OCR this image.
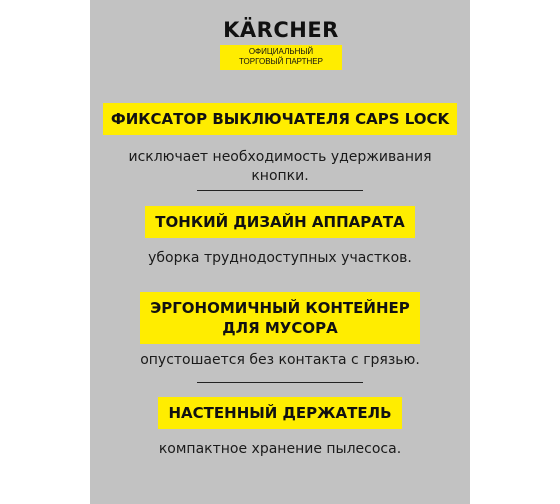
KÄRCHER
ОФИЦИАЛЬНЫЙ
ТОРГОВЫЙ ПАРТНЕР
ФИКСАТОР ВЫКЛЮЧАТЕЛЯ CAPS LOCK
исключает необходимость удерживания
кнопки.
ТОНКИЙ ДИЗАЙН АППАРАТА
уборка труднодоступных участков.
ЭРГОНОМИЧНЫЙ КОНТЕЙНЕР
ДЛЯ МУСОРА
опустошается без контакта с грязью.
НАСТЕННЫЙ ДЕРЖАТЕЛЬ
компактное хранение пылесоса.
